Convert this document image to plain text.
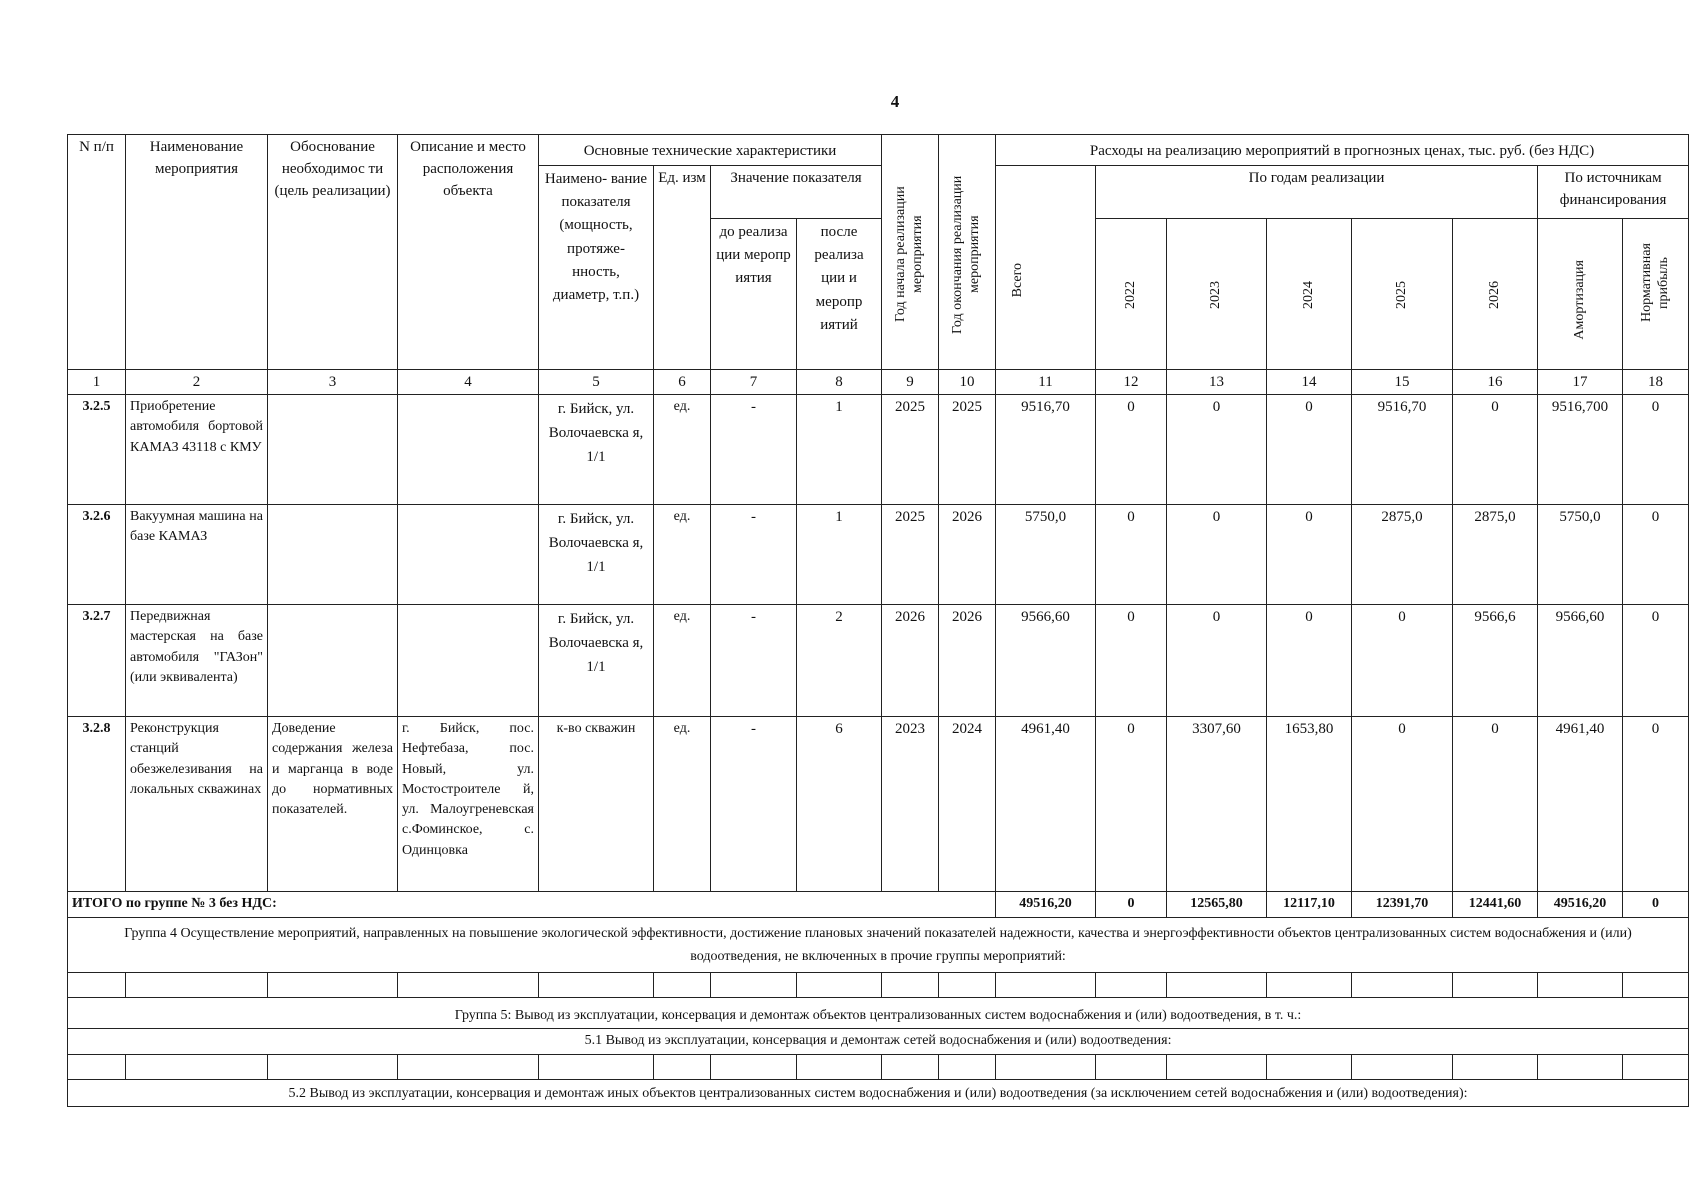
4
N п/п	Наименование мероприятия	Обоснование необходимос ти (цель реализации)	Описание и место расположения объекта	Основные технические характеристики				Год начала реализации мероприятия	Год окончания реализации мероприятия	Расходы на реализацию мероприятий в прогнозных ценах, тыс. руб. (без НДС)							
				Наимено- вание показателя (мощность, протяже- нность, диаметр, т.п.)	Ед. изм	Значение показателя				Всего	По годам реализации					По источникам финансирования	
						до реализа ции меропр иятия	после реализа ции и меропр иятий				2022	2023	2024	2025	2026	Амортизация	Нормативная прибыль

1	2	3	4	5	6	7	8	9	10	11	12	13	14	15	16	17	18
3.2.5	Приобретение автомобиля бортовой КАМАЗ 43118 с КМУ			г. Бийск, ул. Волочаевска я, 1/1	ед.	-	1	2025	2025	9516,70	0	0	0	9516,70	0	9516,700	0
3.2.6	Вакуумная машина на базе КАМАЗ			г. Бийск, ул. Волочаевска я, 1/1	ед.	-	1	2025	2026	5750,0	0	0	0	2875,0	2875,0	5750,0	0
3.2.7	Передвижная мастерская на базе автомобиля "ГАЗон" (или эквивалента)			г. Бийск, ул. Волочаевска я, 1/1	ед.	-	2	2026	2026	9566,60	0	0	0	0	9566,6	9566,60	0
3.2.8	Реконструкция станций обезжелезивания на локальных скважинах	Доведение содержания железа и марганца в воде до нормативных показателей.	г. Бийск, пос. Нефтебаза, пос. Новый, ул. Мостостроителе й, ул. Малоугреневская с.Фоминское, с. Одинцовка	к-во скважин	ед.	-	6	2023	2024	4961,40	0	3307,60	1653,80	0	0	4961,40	0
ИТОГО по группе № 3 без НДС:										49516,20	0	12565,80	12117,10	12391,70	12441,60	49516,20	0
Группа 4 Осуществление мероприятий, направленных на повышение экологической эффективности, достижение плановых значений показателей надежности, качества и энергоэффективности объектов централизованных систем водоснабжения и (или) водоотведения, не включенных в прочие группы мероприятий:																	

Группа 5: Вывод из эксплуатации, консервация и демонтаж объектов централизованных систем водоснабжения и (или) водоотведения, в т. ч.:																	
5.1 Вывод из эксплуатации, консервация и демонтаж сетей водоснабжения и (или) водоотведения:																	

5.2 Вывод из эксплуатации, консервация и демонтаж иных объектов централизованных систем водоснабжения и (или) водоотведения (за исключением сетей водоснабжения и (или) водоотведения):																	
